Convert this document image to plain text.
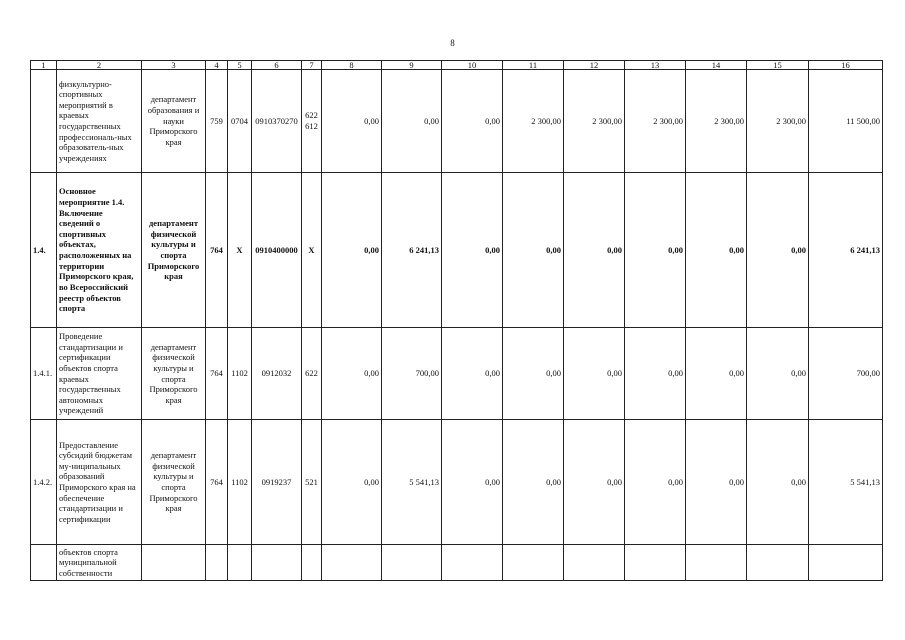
8
1	2	3	4	5	6	7	8	9	10	11	12	13	14	15	16
	физкультурно-спортивных мероприятий в краевых государственных профессиональ-ных образователь-ных учреждениях	департамент образования и науки Приморского края	759	0704	0910370270	622 612	0,00	0,00	0,00	2 300,00	2 300,00	2 300,00	2 300,00	2 300,00	11 500,00
1.4.	Основное мероприятие 1.4. Включение сведений о спортивных объектах, расположенных на территории Приморского края, во Всероссийский реестр объектов спорта	департамент физической культуры и спорта Приморского края	764	X	0910400000	X	0,00	6 241,13	0,00	0,00	0,00	0,00	0,00	0,00	6 241,13
1.4.1.	Проведение стандартизации и сертификации объектов спорта краевых государственных автономных учреждений	департамент физической культуры и спорта Приморского края	764	1102	0912032	622	0,00	700,00	0,00	0,00	0,00	0,00	0,00	0,00	700,00
1.4.2.	Предоставление субсидий бюджетам му-ниципальных образований Приморского края на обеспечение стандартизации и сертификации	департамент физической культуры и спорта Приморского края	764	1102	0919237	521	0,00	5 541,13	0,00	0,00	0,00	0,00	0,00	0,00	5 541,13
	объектов спорта муниципальной собственности														
